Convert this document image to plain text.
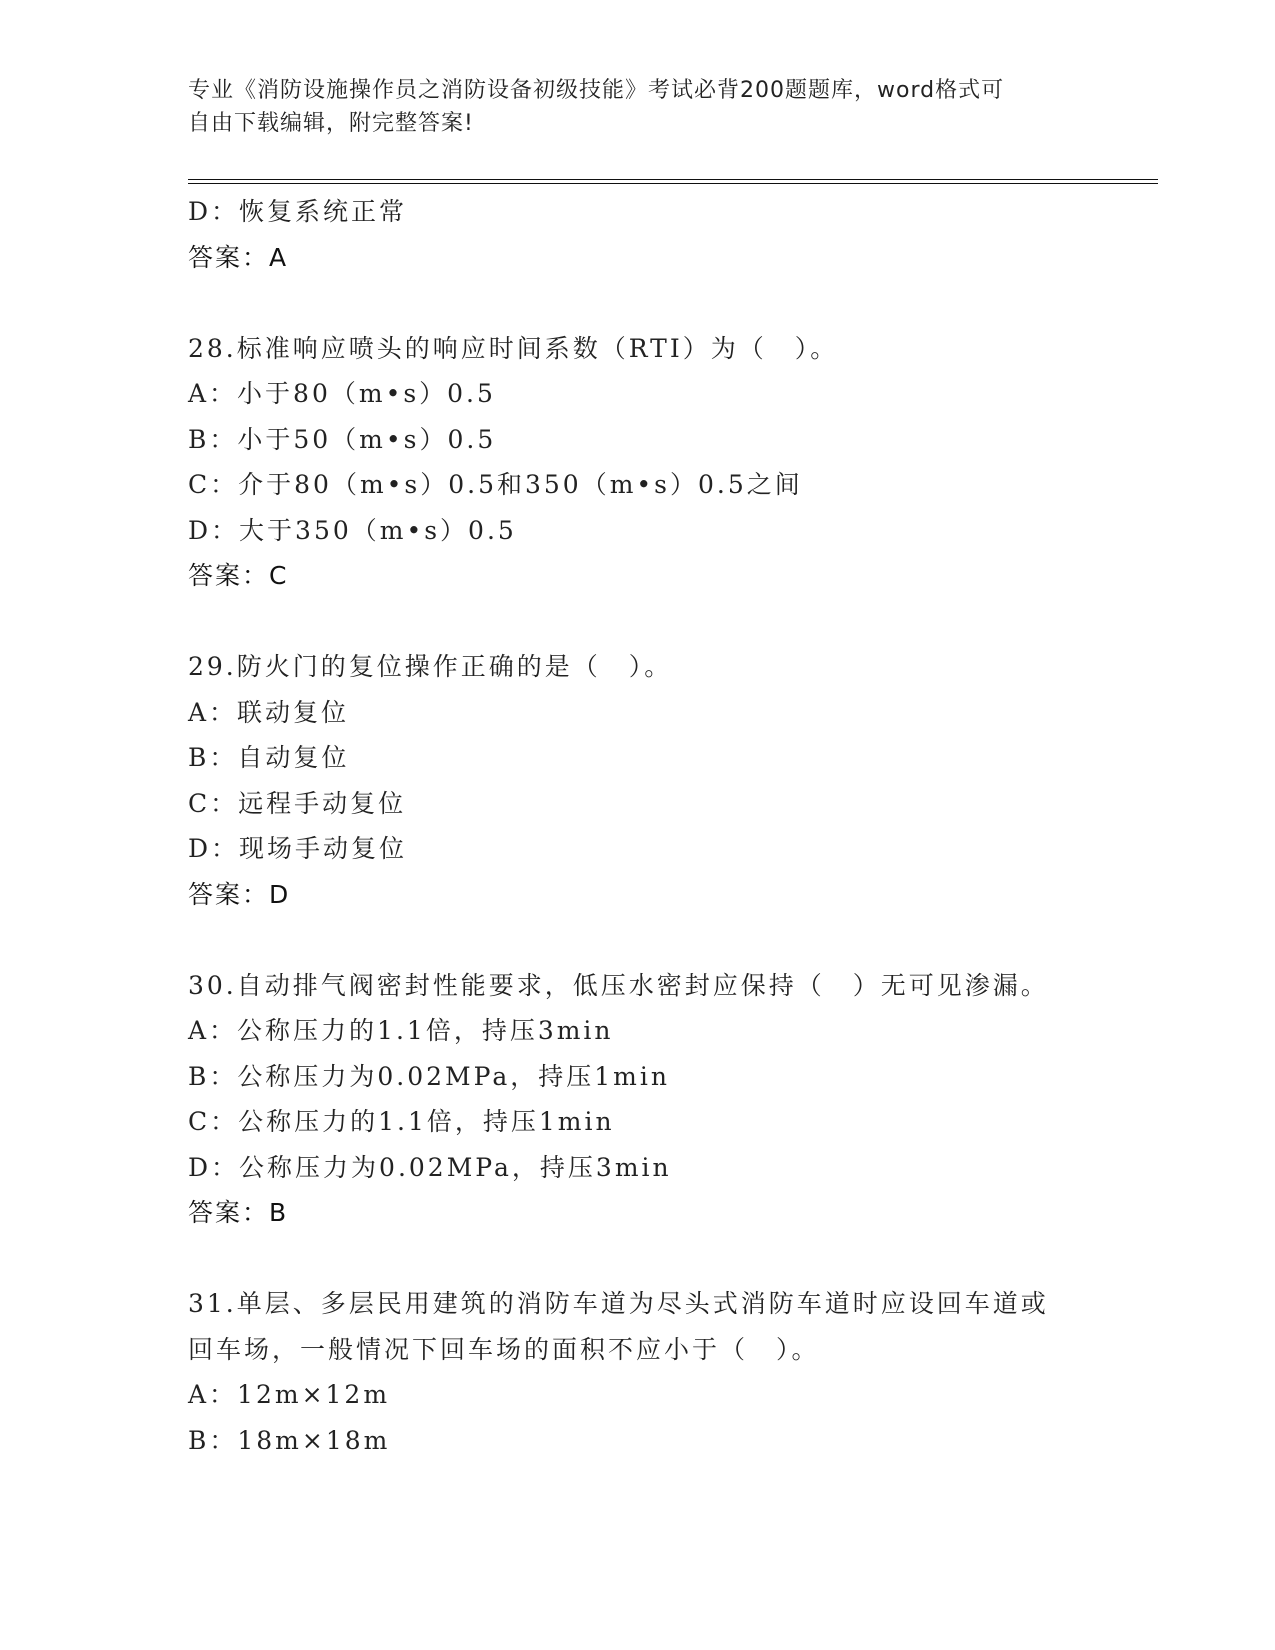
专业《消防设施操作员之消防设备初级技能》考试必背200题题库，word格式可
自由下载编辑，附完整答案!
D：恢复系统正常
答案：A
28.标准响应喷头的响应时间系数（RTI）为（　）。
A：小于80（m•s）0.5
B：小于50（m•s）0.5
C：介于80（m•s）0.5和350（m•s）0.5之间
D：大于350（m•s）0.5
答案：C
29.防火门的复位操作正确的是（　）。
A：联动复位
B：自动复位
C：远程手动复位
D：现场手动复位
答案：D
30.自动排气阀密封性能要求，低压水密封应保持（　）无可见渗漏。
A：公称压力的1.1倍，持压3min
B：公称压力为0.02MPa，持压1min
C：公称压力的1.1倍，持压1min
D：公称压力为0.02MPa，持压3min
答案：B
31.单层、多层民用建筑的消防车道为尽头式消防车道时应设回车道或
回车场，一般情况下回车场的面积不应小于（　）。
A：12m×12m
B：18m×18m
